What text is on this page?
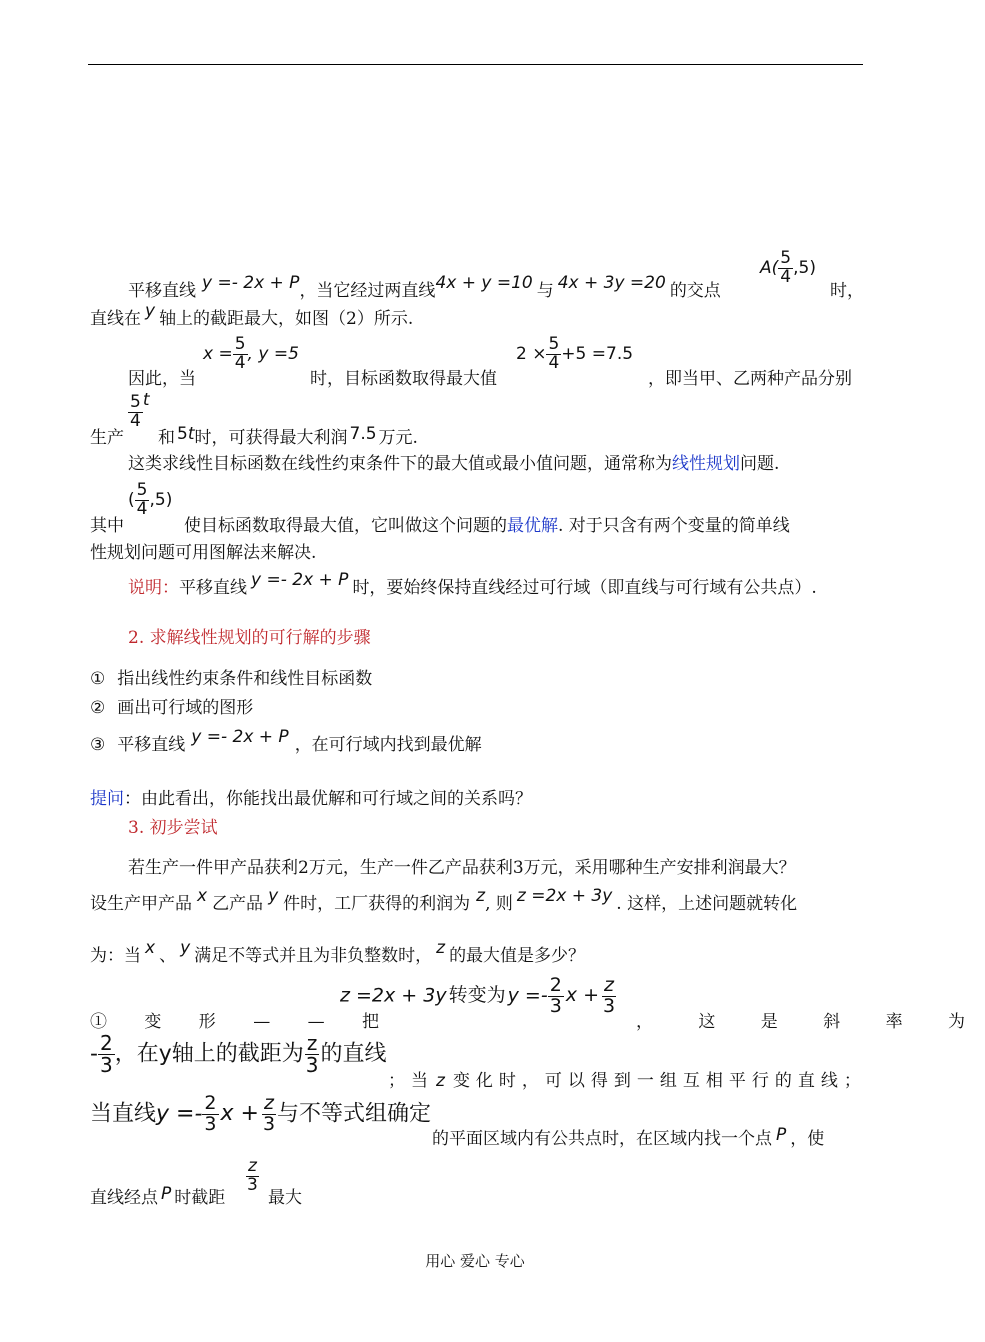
平移直线 y =- 2x + P，当它经过两直线4x + y =10 与 4x + 3y =20 的交点
$A( \frac{5}{4} ,5)$
时，
直线在 y 轴上的截距最大，如图（2）所示.
因此，当
$x = \frac{5}{4}$ , y =5
时，目标函数取得最大值
$2 \times \frac{5}{4} +5 =7.5$
，即当甲、乙两种产品分别
生产
$\frac{5}{4}$ t
和 5t时，可获得最大利润 7.5 万元.
这类求线性目标函数在线性约束条件下的最大值或最小值问题，通常称为线性规划问题.
其中
( $\frac{5}{4} ,5$)
使目标函数取得最大值，它叫做这个问题的最优解. 对于只含有两个变量的简单线
性规划问题可用图解法来解决.
说明：平移直线 y =- 2x + P 时，要始终保持直线经过可行域（即直线与可行域有公共点）.
2. 求解线性规划的可行解的步骤
① 指出线性约束条件和线性目标函数
② 画出可行域的图形
③ 平移直线 y =- 2x + P ，在可行域内找到最优解
提问：由此看出，你能找出最优解和可行域之间的关系吗？
3. 初步尝试
若生产一件甲产品获利2万元，生产一件乙产品获利3万元，采用哪种生产安排利润最大？
设生产甲产品 x 乙产品 y 件时，工厂获得的利润为 z, 则 z =2x + 3y . 这样，上述问题就转化
为：当 x 、 y 满足不等式并且为非负整数时， z 的最大值是多少？
① 变 形 — — 把
z =2x + 3y 转变为 $y =- \frac{2}{3}$ $x + \frac{z}{3}$
， 这 是 斜 率 为
- $\frac{2}{3}$ ，在y轴上的截距为 $\frac{z}{3}$ 的直线
；当 z 变化时，可以得到一组互相平行的直线；
当直线$y =- \frac{2}{3}$ $x + \frac{z}{3}$ 与不等式组确定
的平面区域内有公共点时，在区域内找一个点 P ，使
直线经点 P 时截距
$\frac{z}{3}$
最大
用心 爱心 专心
